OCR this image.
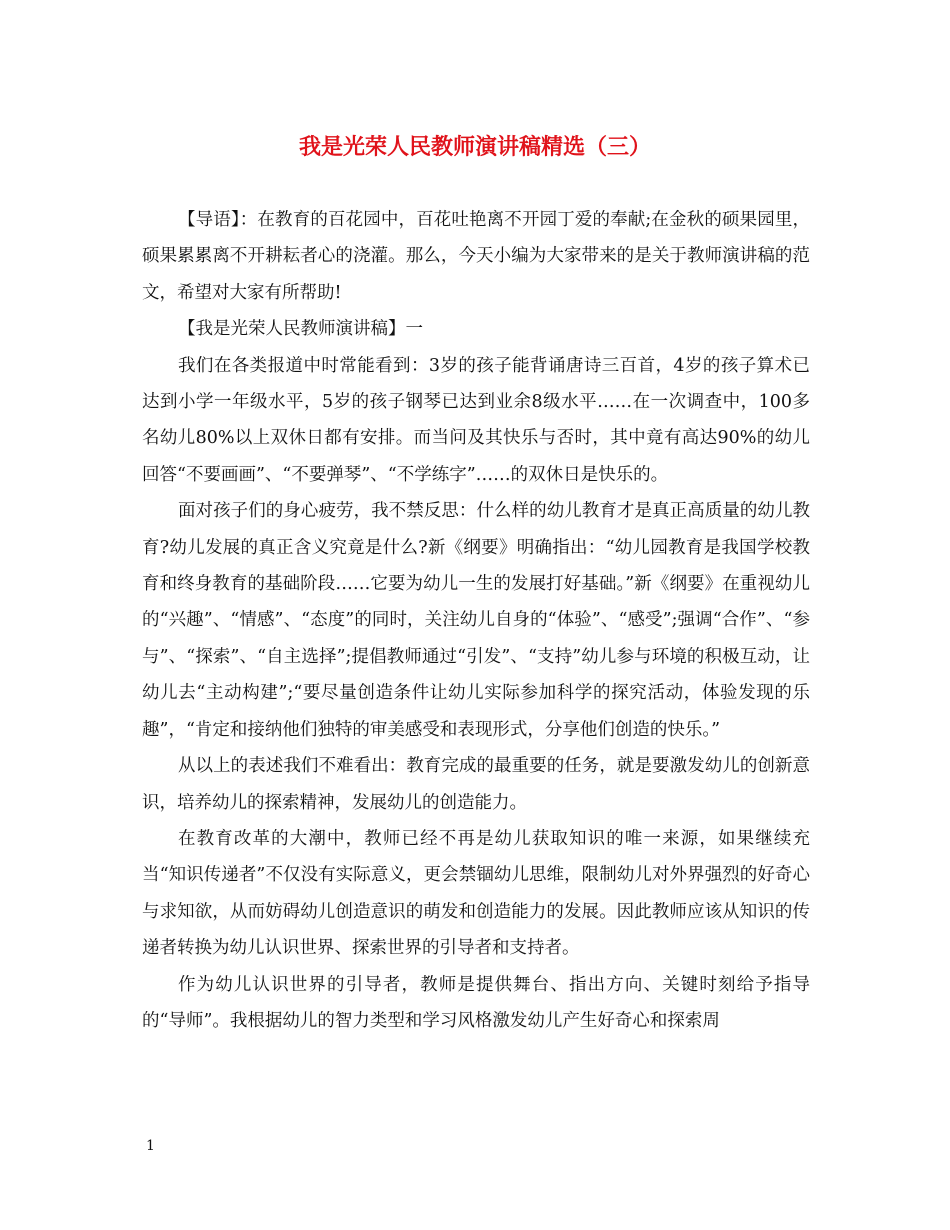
我是光荣人民教师演讲稿精选（三）

【导语】：在教育的百花园中，百花吐艳离不开园丁爱的奉献;在金秋的硕果园里，硕果累累离不开耕耘者心的浇灌。那么，今天小编为大家带来的是关于教师演讲稿的范文，希望对大家有所帮助!

【我是光荣人民教师演讲稿】一

我们在各类报道中时常能看到：3岁的孩子能背诵唐诗三百首，4岁的孩子算术已达到小学一年级水平，5岁的孩子钢琴已达到业余8级水平……在一次调查中，100多名幼儿80%以上双休日都有安排。而当问及其快乐与否时，其中竟有高达90%的幼儿回答“不要画画”、“不要弹琴”、“不学练字”……的双休日是快乐的。

面对孩子们的身心疲劳，我不禁反思：什么样的幼儿教育才是真正高质量的幼儿教育?幼儿发展的真正含义究竟是什么?新《纲要》明确指出：“幼儿园教育是我国学校教育和终身教育的基础阶段……它要为幼儿一生的发展打好基础。”新《纲要》在重视幼儿的“兴趣”、“情感”、“态度”的同时，关注幼儿自身的“体验”、“感受”;强调“合作”、“参与”、“探索”、“自主选择”;提倡教师通过“引发”、“支持”幼儿参与环境的积极互动，让幼儿去“主动构建”;“要尽量创造条件让幼儿实际参加科学的探究活动，体验发现的乐趣”，“肯定和接纳他们独特的审美感受和表现形式，分享他们创造的快乐。”

从以上的表述我们不难看出：教育完成的最重要的任务，就是要激发幼儿的创新意识，培养幼儿的探索精神，发展幼儿的创造能力。

在教育改革的大潮中，教师已经不再是幼儿获取知识的唯一来源，如果继续充当“知识传递者”不仅没有实际意义，更会禁锢幼儿思维，限制幼儿对外界强烈的好奇心与求知欲，从而妨碍幼儿创造意识的萌发和创造能力的发展。因此教师应该从知识的传递者转换为幼儿认识世界、探索世界的引导者和支持者。

作为幼儿认识世界的引导者，教师是提供舞台、指出方向、关键时刻给予指导的“导师”。我根据幼儿的智力类型和学习风格激发幼儿产生好奇心和探索周

1
